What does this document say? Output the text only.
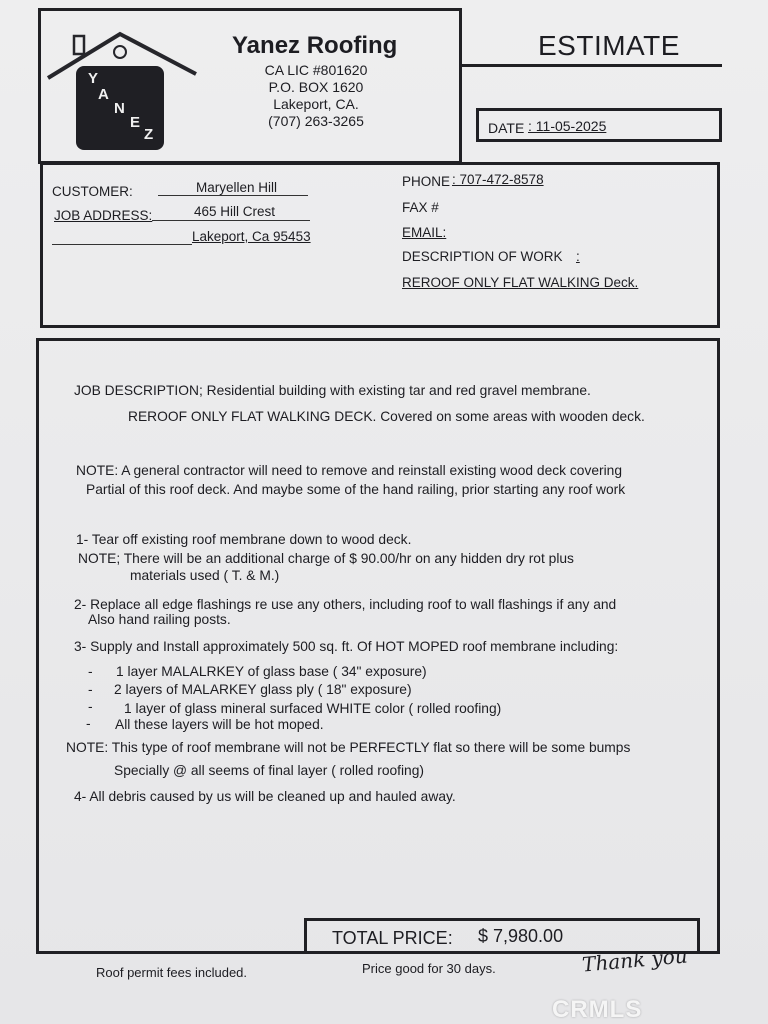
Y
A
N
E
Z
Yanez Roofing
CA LIC #801620
P.O. BOX 1620
Lakeport, CA.
(707) 263-3265
ESTIMATE
DATE : 11-05-2025
CUSTOMER:	Maryellen Hill
JOB ADDRESS:	465 Hill Crest
Lakeport, Ca 95453
PHONE : 707-472-8578
FAX #
EMAIL:
DESCRIPTION OF WORK :
REROOF ONLY FLAT WALKING Deck.
JOB DESCRIPTION; Residential building with existing tar and red gravel membrane.
REROOF ONLY FLAT WALKING DECK. Covered on some areas with wooden deck.
NOTE: A general contractor will need to remove and reinstall existing wood deck covering
Partial of this roof deck. And maybe some of the hand railing, prior starting any roof work
1- Tear off existing roof membrane down to wood deck.
NOTE; There will be an additional charge of $ 90.00/hr on any hidden dry rot plus
materials used ( T. & M.)
2- Replace all edge flashings re use any others, including roof to wall flashings if any and
Also hand railing posts.
3- Supply and Install approximately 500 sq. ft. Of HOT MOPED roof membrane including:
- 1 layer MALALRKEY of glass base ( 34" exposure)
- 2 layers of MALARKEY glass ply ( 18" exposure)
- 1 layer of glass mineral surfaced WHITE color ( rolled roofing)
- All these layers will be hot moped.
NOTE: This type of roof membrane will not be PERFECTLY flat so there will be some bumps
Specially @ all seems of final layer ( rolled roofing)
4- All debris caused by us will be cleaned up and hauled away.
TOTAL PRICE: $ 7,980.00
Roof permit fees included.	Price good for 30 days.	Thank you
CRMLS
